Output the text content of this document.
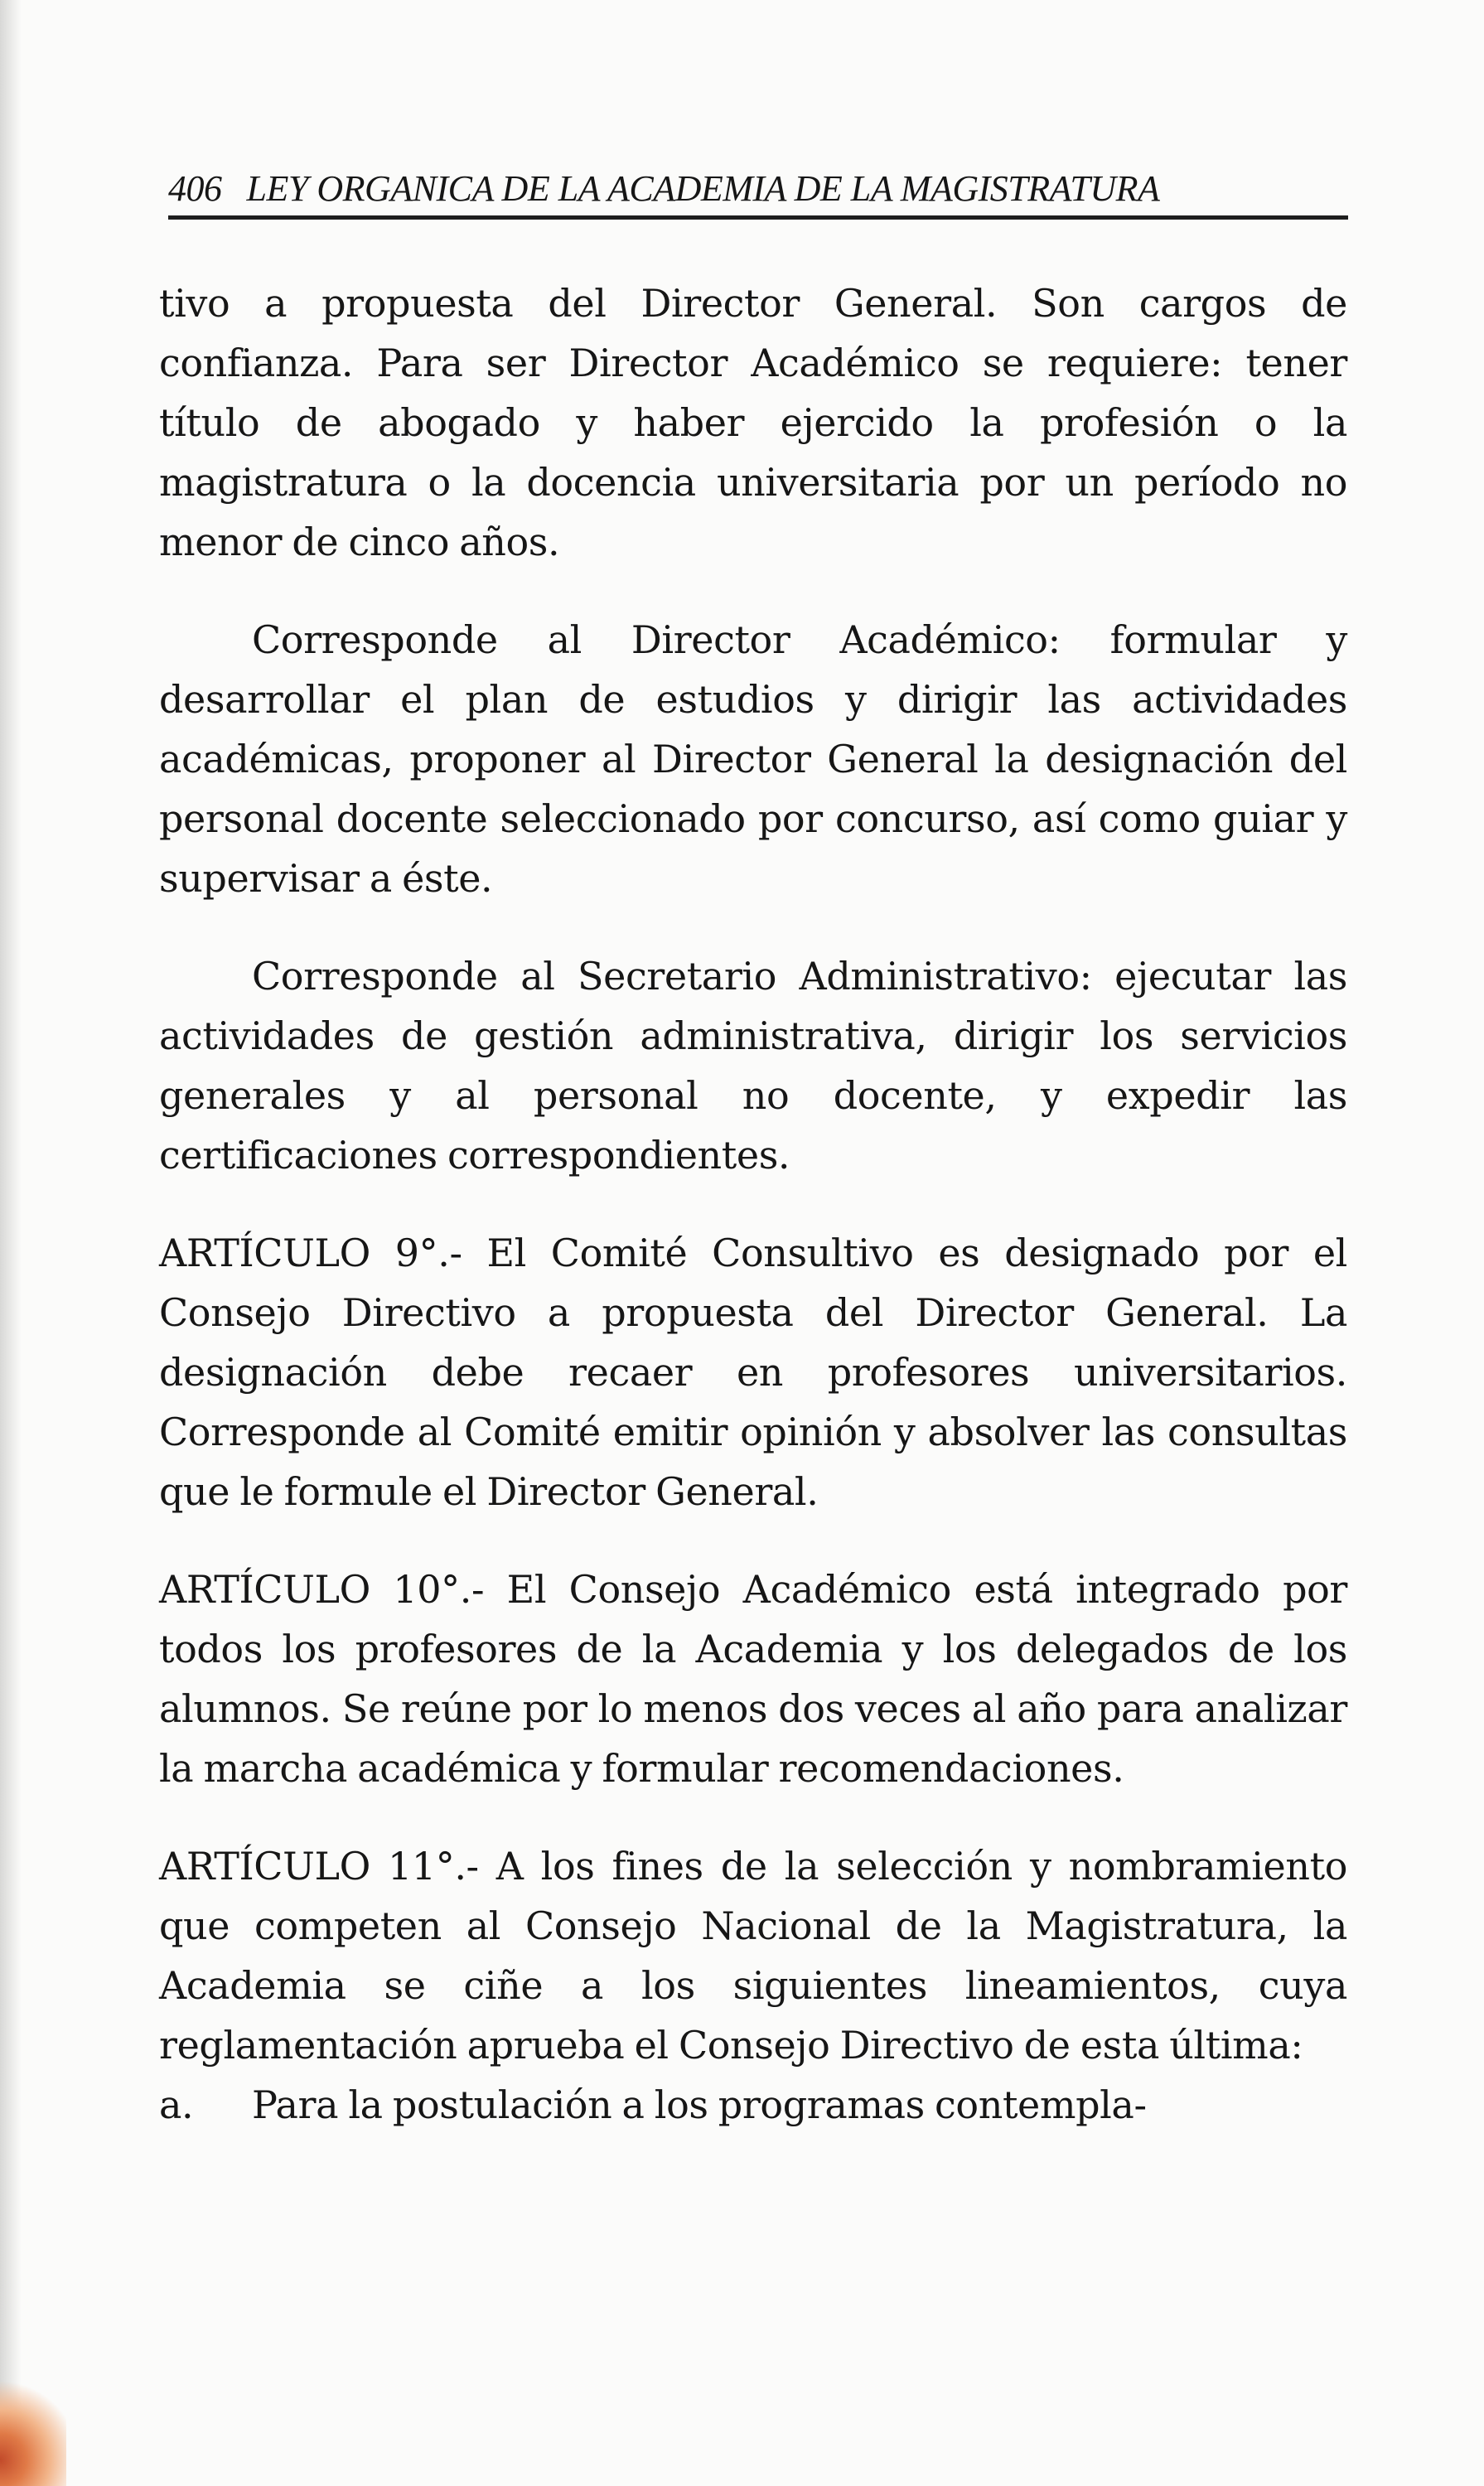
406 LEY ORGANICA DE LA ACADEMIA DE LA MAGISTRATURA

tivo a propuesta del Director General. Son cargos de confianza. Para ser Director Académico se requiere: tener título de abogado y haber ejercido la profesión o la magistratura o la docencia universitaria por un período no menor de cinco años.

Corresponde al Director Académico: formular y desarrollar el plan de estudios y dirigir las actividades académicas, proponer al Director General la designación del personal docente seleccionado por concurso, así como guiar y supervisar a éste.

Corresponde al Secretario Administrativo: ejecutar las actividades de gestión administrativa, dirigir los servicios generales y al personal no docente, y expedir las certificaciones correspondientes.

ARTÍCULO 9°.- El Comité Consultivo es designado por el Consejo Directivo a propuesta del Director General. La designación debe recaer en profesores universitarios. Corresponde al Comité emitir opinión y absolver las consultas que le formule el Director General.

ARTÍCULO 10°.- El Consejo Académico está integrado por todos los profesores de la Academia y los delegados de los alumnos. Se reúne por lo menos dos veces al año para analizar la marcha académica y formular recomendaciones.

ARTÍCULO 11°.- A los fines de la selección y nombramiento que competen al Consejo Nacional de la Magistratura, la Academia se ciñe a los siguientes lineamientos, cuya reglamentación aprueba el Consejo Directivo de esta última:

a.	Para la postulación a los programas contempla-
